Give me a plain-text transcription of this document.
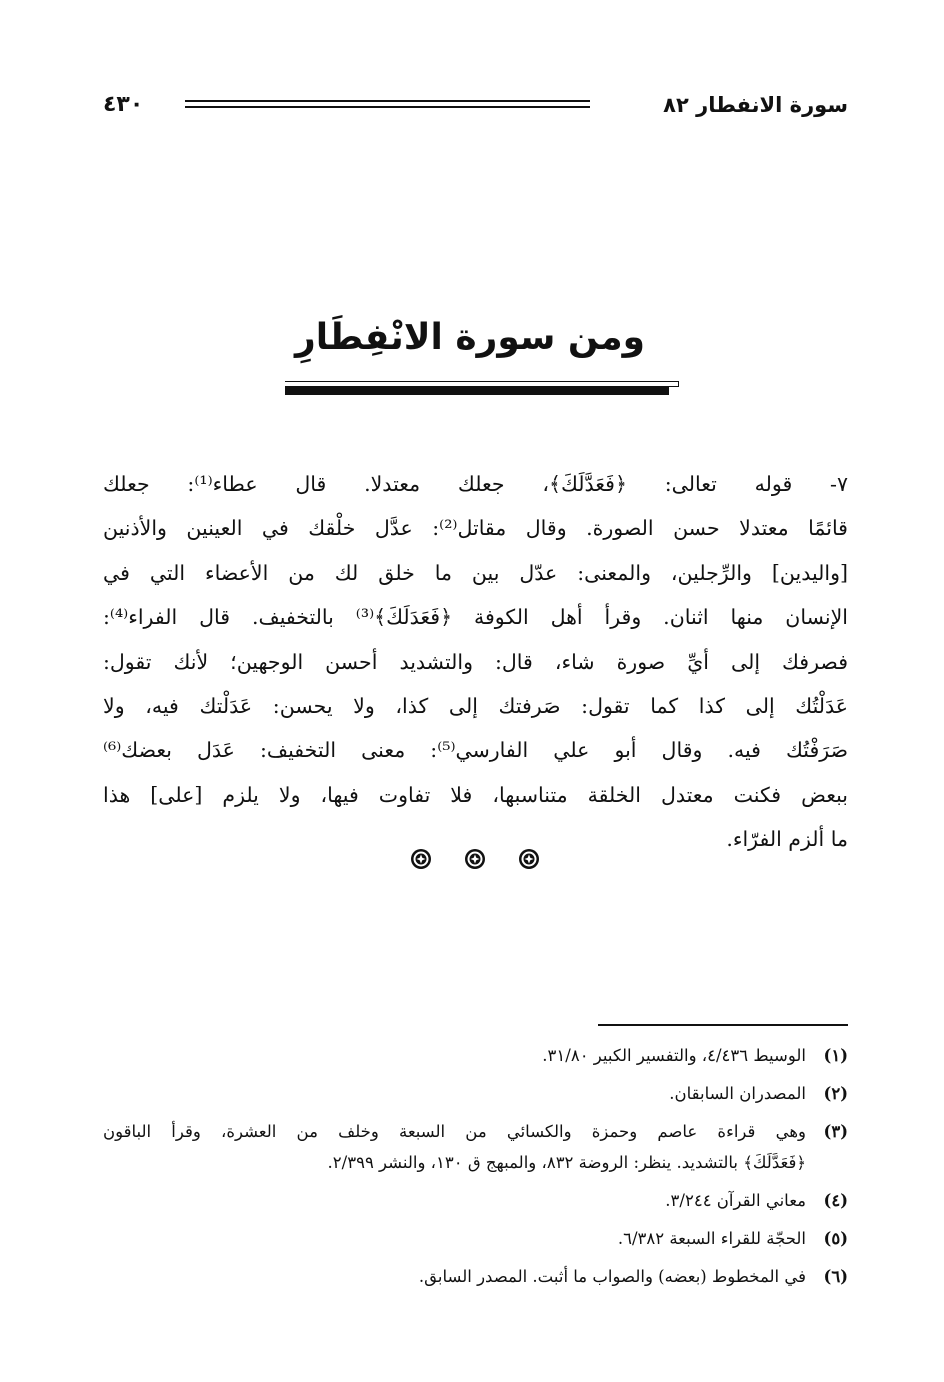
سورة الانفطار ٨٢
٤٣٠
ومن سورة الانْفِطَارِ
٧- قوله تعالى: ﴿فَعَدَّلَكَ﴾، جعلك معتدلا. قال عطاء⁽¹⁾: جعلك
قائمًا معتدلا حسن الصورة. وقال مقاتل⁽²⁾: عدَّل خلْقك في العينين والأذنين
[واليدين] والرِّجلين، والمعنى: عدّل بين ما خلق لك من الأعضاء التي في
الإنسان منها اثنان. وقرأ أهل الكوفة ﴿فَعَدَلَكَ﴾⁽³⁾ بالتخفيف. قال الفراء⁽⁴⁾:
فصرفك إلى أيِّ صورة شاء، قال: والتشديد أحسن الوجهين؛ لأنك تقول:
عَدَلْتُك إلى كذا كما تقول: صَرفتك إلى كذا، ولا يحسن: عَدَلْتك فيه، ولا
صَرَفْتُك فيه. وقال أبو علي الفارسي⁽⁵⁾: معنى التخفيف: عَدَل بعضك⁽⁶⁾
ببعض فكنت معتدل الخلقة متناسبها، فلا تفاوت فيها، ولا يلزم [على] هذا
ما ألزم الفرّاء.
(١)
الوسيط ٤/٤٣٦، والتفسير الكبير ٣١/٨٠.
(٢)
المصدران السابقان.
(٣)
وهي قراءة عاصم وحمزة والكسائي من السبعة وخلف من العشرة، وقرأ الباقون
﴿فَعَدَّلَكَ﴾ بالتشديد. ينظر: الروضة ٨٣٢، والمبهج ق ١٣٠، والنشر ٢/٣٩٩.
(٤)
معاني القرآن ٣/٢٤٤.
(٥)
الحجّة للقراء السبعة ٦/٣٨٢.
(٦)
في المخطوط (بعضه) والصواب ما أثبت. المصدر السابق.
